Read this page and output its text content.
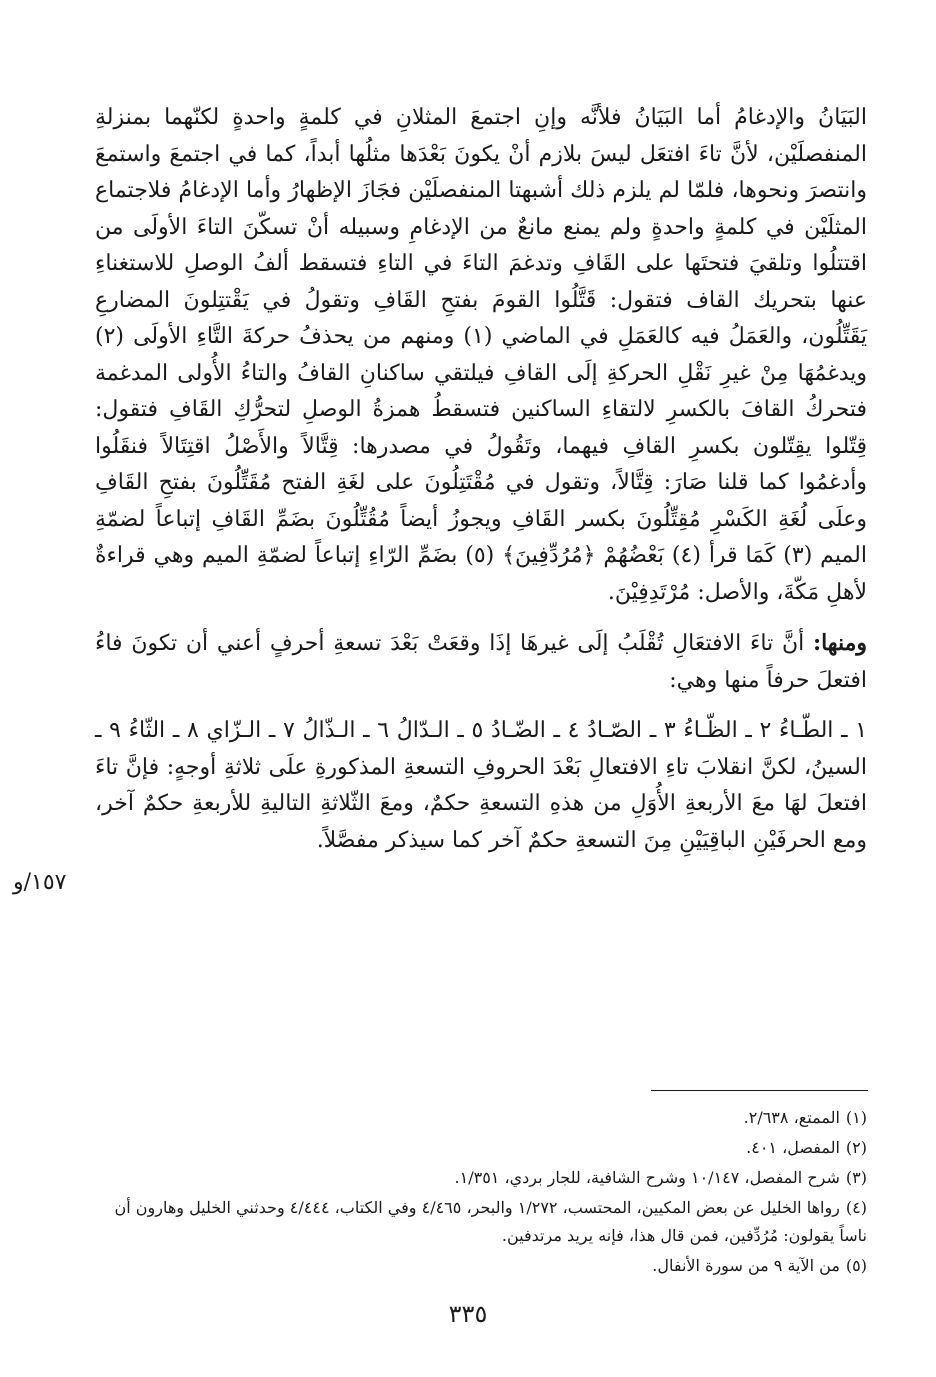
البَيَانُ والإدغامُ أما البَيَانُ فلأنَّه وإنِ اجتمعَ المثلانِ في كلمةٍ واحدةٍ لكنّهما بمنزلةِ المنفصلَيْن، لأنَّ تاءَ افتعَل ليسَ بلازم أنْ يكونَ بَعْدَها مثلُها أبداً، كما في اجتمعَ واستمعَ وانتصرَ ونحوها، فلمّا لم يلزم ذلك أشبهتا المنفصلَيْن فجَازَ الإظهارُ وأما الإدغامُ فلاجتماع المثلَيْن في كلمةٍ واحدةٍ ولم يمنع مانعٌ من الإدغامِ وسبيله أنْ تسكّنَ التاءَ الأولَى من اقتتلُوا وتلقيَ فتحتَها على القَافِ وتدغمَ التاءَ في التاءِ فتسقط ألفُ الوصلِ للاستغناءِ عنها بتحريك القاف فتقول: قَتَّلُوا القومَ بفتحِ القَافِ وتقولُ في يَقْتتِلونَ المضارعِ يَقَتِّلُون، والعَمَلُ فيه كالعَمَلِ في الماضي (١) ومنهم من يحذفُ حركةَ التَّاءِ الأولَى (٢) ويدغمُهَا مِنْ غيرِ نَقْلِ الحركةِ إلَى القافِ فيلتقي ساكنانِ القافُ والتاءُ الأُولى المدغمة فتحركُ القافَ بالكسرِ لالتقاءِ الساكنين فتسقطُ همزةُ الوصلِ لتحرُّكِ القَافِ فتقول: قِتّلوا يقِتّلون بكسرِ القافِ فيهما، وتَقُولُ في مصدرها: قِتَّالاً والأَصْلُ اقتِتَالاً فنقَلُوا وأدغمُوا كما قلنا صَارَ: قِتَّالاً، وتقول في مُقْتَتِلُونَ على لغَةِ الفتح مُقَتِّلُونَ بفتحِ القَافِ وعلَى لُغَةِ الكَسْرِ مُقِتِّلُونَ بكسر القَافِ ويجوزُ أيضاً مُقُتِّلُونَ بضَمِّ القَافِ إتباعاً لضمّةِ الميم (٣) كَمَا قرأ (٤) بَعْضُهُمْ ﴿مُرُدِّفِينَ﴾ (٥) بضَمِّ الرّاءِ إتباعاً لضمّةِ الميم وهي قراءةٌ لأهلِ مَكّةَ، والأصل: مُرْتَدِفِيْنَ.

ومنها: أنَّ تاءَ الافتعَالِ تُقْلَبُ إلَى غيرهَا إذَا وقعَتْ بَعْدَ تسعةِ أحرفٍ أعني أن تكونَ فاءُ افتعلَ حرفاً منها وهي:

١ ـ الطّـاءُ ٢ ـ الظّـاءُ ٣ ـ الصّـادُ ٤ ـ الضّـادُ ٥ ـ الـدّالُ ٦ ـ الـذّالُ ٧ ـ الـزّاي ٨ ـ الثّاءُ ٩ ـ السينُ، لكنَّ انقلابَ تاءِ الافتعالِ بَعْدَ الحروفِ التسعةِ المذكورةِ علَى ثلاثةِ أوجهٍ: فإنَّ تاءَ افتعلَ لهَا معَ الأربعةِ الأُوَلِ من هذهِ التسعةِ حكمٌ، ومعَ الثّلاثةِ التاليةِ للأربعةِ حكمٌ آخر، ومع الحرفَيْنِ الباقِيَيْنِ مِنَ التسعةِ حكمٌ آخر كما سيذكر مفصَّلاً.

١٥٧/و

(١)الممتع، ٢/٦٣٨.

(٢)المفصل، ٤٠١.

(٣)شرح المفصل، ١٠/١٤٧ وشرح الشافية، للجار بردي، ١/٣٥١.

(٤)رواها الخليل عن بعض المكيين، المحتسب، ١/٢٧٢ والبحر، ٤/٤٦٥ وفي الكتاب، ٤/٤٤٤ وحدثني الخليل وهارون أن ناساً يقولون: مُرُدِّفين، فمن قال هذا، فإنه يريد مرتدفين.

(٥)من الآية ٩ من سورة الأنفال.

٣٣٥
